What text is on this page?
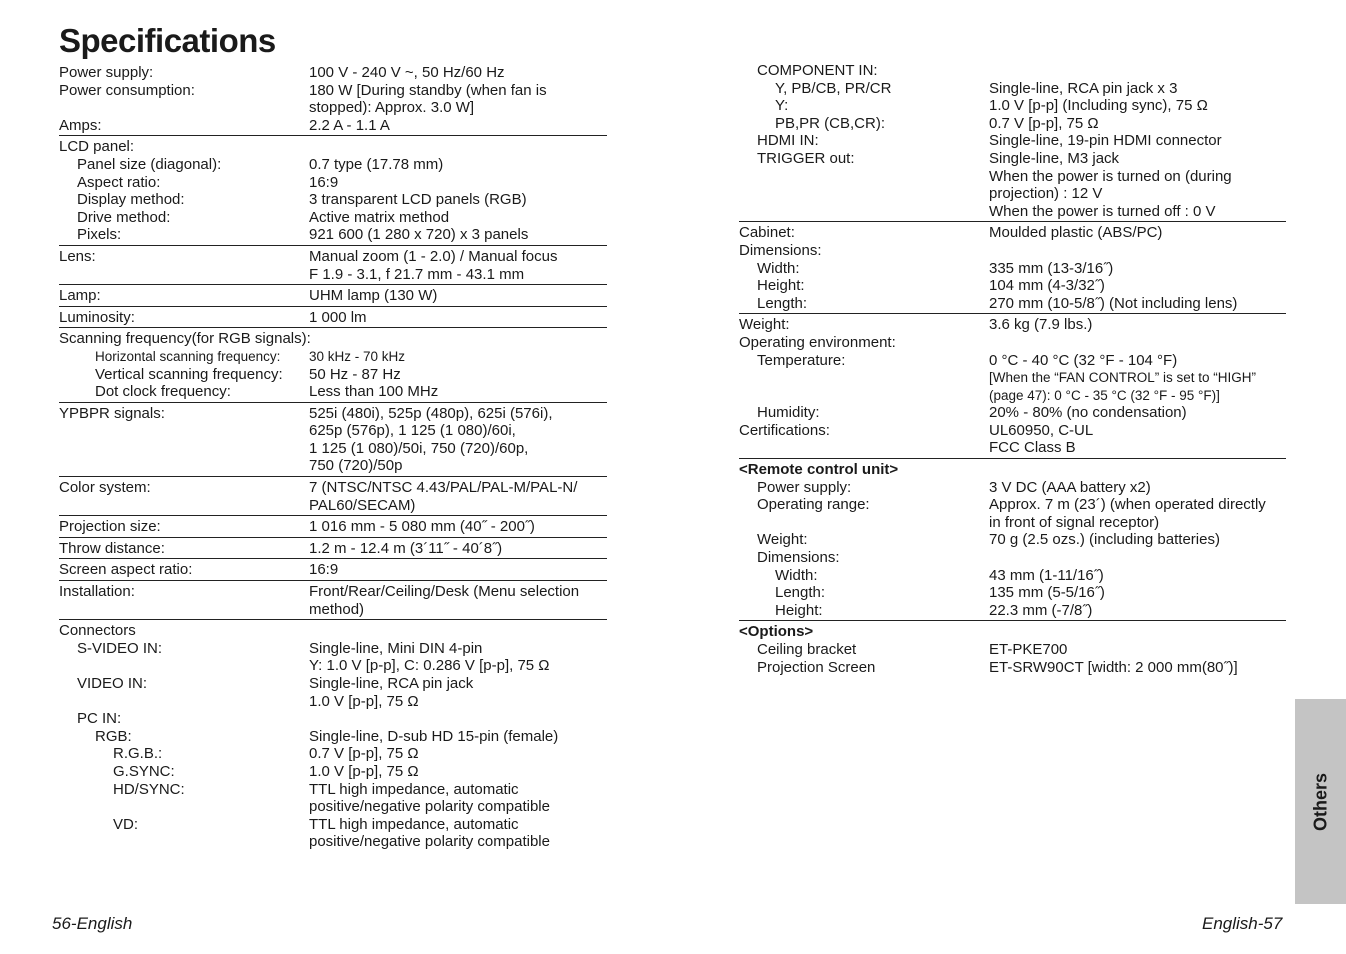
Specifications
Power supply:	100 V - 240 V ~, 50 Hz/60 Hz
Power consumption:	180 W [During standby (when fan is
stopped): Approx. 3.0 W]
Amps:	2.2 A - 1.1 A
LCD panel:
Panel size (diagonal):	0.7 type (17.78 mm)
Aspect ratio:	16:9
Display method:	3 transparent LCD panels (RGB)
Drive method:	Active matrix method
Pixels:	921 600 (1 280 x 720) x 3 panels
Lens:	Manual zoom (1 - 2.0) / Manual focus
F 1.9 - 3.1, f 21.7 mm - 43.1 mm
Lamp:	UHM lamp (130 W)
Luminosity:	1 000 lm
Scanning frequency(for RGB signals):
Horizontal scanning frequency:	30 kHz - 70 kHz
Vertical scanning frequency:	50 Hz - 87 Hz
Dot clock frequency:	Less than 100 MHz
YPBPR signals:	525i (480i), 525p (480p), 625i (576i),
625p (576p), 1 125 (1 080)/60i,
1 125 (1 080)/50i, 750 (720)/60p,
750 (720)/50p
Color system:	7 (NTSC/NTSC 4.43/PAL/PAL-M/PAL-N/
PAL60/SECAM)
Projection size:	1 016 mm - 5 080 mm (40˝ - 200˝)
Throw distance:	1.2 m - 12.4 m (3´11˝ - 40´8˝)
Screen aspect ratio:	16:9
Installation:	Front/Rear/Ceiling/Desk (Menu selection
method)
Connectors
S-VIDEO IN:	Single-line, Mini DIN 4-pin
Y: 1.0 V [p-p], C: 0.286 V [p-p], 75 Ω
VIDEO IN:	Single-line, RCA pin jack
1.0 V [p-p], 75 Ω
PC IN:
RGB:	Single-line, D-sub HD 15-pin (female)
R.G.B.:	0.7 V [p-p], 75 Ω
G.SYNC:	1.0 V [p-p], 75 Ω
HD/SYNC:	TTL high impedance, automatic
positive/negative polarity compatible
VD:	TTL high impedance, automatic
positive/negative polarity compatible
COMPONENT IN:
Y, PB/CB, PR/CR	Single-line, RCA pin jack x 3
Y:	1.0 V [p-p] (Including sync), 75 Ω
PB,PR (CB,CR):	0.7 V [p-p], 75 Ω
HDMI IN:	Single-line, 19-pin HDMI connector
TRIGGER out:	Single-line, M3 jack
When the power is turned on (during
projection) : 12 V
When the power is turned off : 0 V
Cabinet:	Moulded plastic (ABS/PC)
Dimensions:
Width:	335 mm (13-3/16˝)
Height:	104 mm (4-3/32˝)
Length:	270 mm (10-5/8˝) (Not including lens)
Weight:	3.6 kg (7.9 lbs.)
Operating environment:
Temperature:	0 °C - 40 °C (32 °F - 104 °F)
[When the “FAN CONTROL” is set to “HIGH”
(page 47): 0 °C - 35 °C (32 °F - 95 °F)]
Humidity:	20% - 80% (no condensation)
Certifications:	UL60950, C-UL
FCC Class B
<Remote control unit>
Power supply:	3 V DC (AAA battery x2)
Operating range:	Approx. 7 m (23´) (when operated directly
in front of signal receptor)
Weight:	70 g (2.5 ozs.) (including batteries)
Dimensions:
Width:	43 mm (1-11/16˝)
Length:	135 mm (5-5/16˝)
Height:	22.3 mm (-7/8˝)
<Options>
Ceiling bracket	ET-PKE700
Projection Screen	ET-SRW90CT [width: 2 000 mm(80˝)]
Others
56-English	English-57
